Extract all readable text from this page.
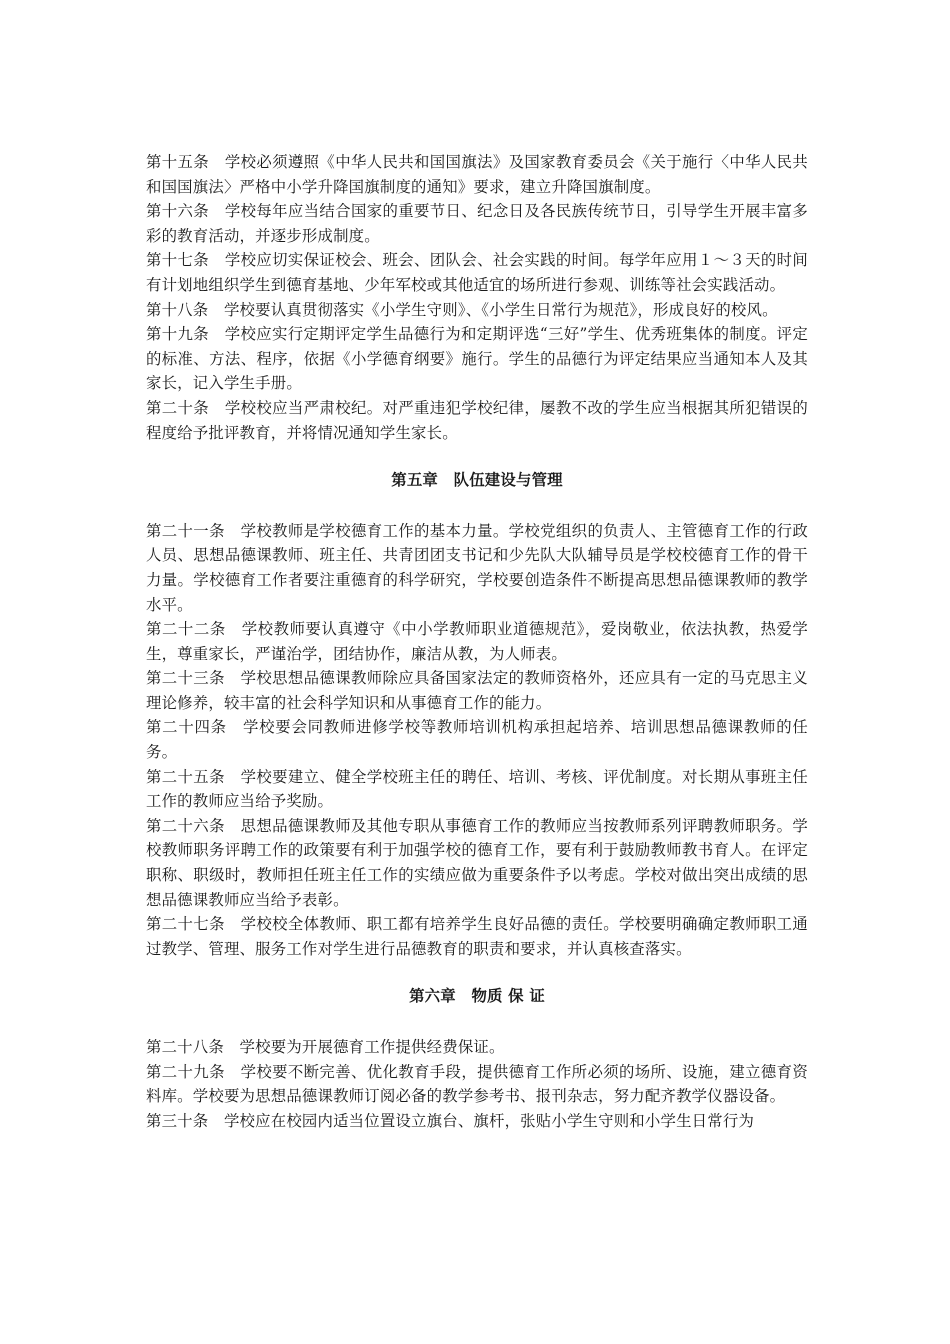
第十五条　学校必须遵照《中华人民共和国国旗法》及国家教育委员会《关于施行〈中华人民共和国国旗法〉严格中小学升降国旗制度的通知》要求，建立升降国旗制度。

第十六条　学校每年应当结合国家的重要节日、纪念日及各民族传统节日，引导学生开展丰富多彩的教育活动，并逐步形成制度。

第十七条　学校应切实保证校会、班会、团队会、社会实践的时间。每学年应用１～３天的时间有计划地组织学生到德育基地、少年军校或其他适宜的场所进行参观、训练等社会实践活动。

第十八条　学校要认真贯彻落实《小学生守则》、《小学生日常行为规范》，形成良好的校风。

第十九条　学校应实行定期评定学生品德行为和定期评选“三好”学生、优秀班集体的制度。评定的标准、方法、程序，依据《小学德育纲要》施行。学生的品德行为评定结果应当通知本人及其家长，记入学生手册。

第二十条　学校校应当严肃校纪。对严重违犯学校纪律，屡教不改的学生应当根据其所犯错误的程度给予批评教育，并将情况通知学生家长。

第五章　队伍建设与管理

第二十一条　学校教师是学校德育工作的基本力量。学校党组织的负责人、主管德育工作的行政人员、思想品德课教师、班主任、共青团团支书记和少先队大队辅导员是学校校德育工作的骨干力量。学校德育工作者要注重德育的科学研究，学校要创造条件不断提高思想品德课教师的教学水平。

第二十二条　学校教师要认真遵守《中小学教师职业道德规范》，爱岗敬业，依法执教，热爱学生，尊重家长，严谨治学，团结协作，廉洁从教，为人师表。

第二十三条　学校思想品德课教师除应具备国家法定的教师资格外，还应具有一定的马克思主义理论修养，较丰富的社会科学知识和从事德育工作的能力。

第二十四条　学校要会同教师进修学校等教师培训机构承担起培养、培训思想品德课教师的任务。

第二十五条　学校要建立、健全学校班主任的聘任、培训、考核、评优制度。对长期从事班主任工作的教师应当给予奖励。

第二十六条　思想品德课教师及其他专职从事德育工作的教师应当按教师系列评聘教师职务。学校教师职务评聘工作的政策要有利于加强学校的德育工作，要有利于鼓励教师教书育人。在评定职称、职级时，教师担任班主任工作的实绩应做为重要条件予以考虑。学校对做出突出成绩的思想品德课教师应当给予表彰。

第二十七条　学校校全体教师、职工都有培养学生良好品德的责任。学校要明确确定教师职工通过教学、管理、服务工作对学生进行品德教育的职责和要求，并认真核查落实。

第六章　物质 保 证

第二十八条　学校要为开展德育工作提供经费保证。

第二十九条　学校要不断完善、优化教育手段，提供德育工作所必须的场所、设施，建立德育资料库。学校要为思想品德课教师订阅必备的教学参考书、报刊杂志，努力配齐教学仪器设备。

第三十条　学校应在校园内适当位置设立旗台、旗杆，张贴小学生守则和小学生日常行为
